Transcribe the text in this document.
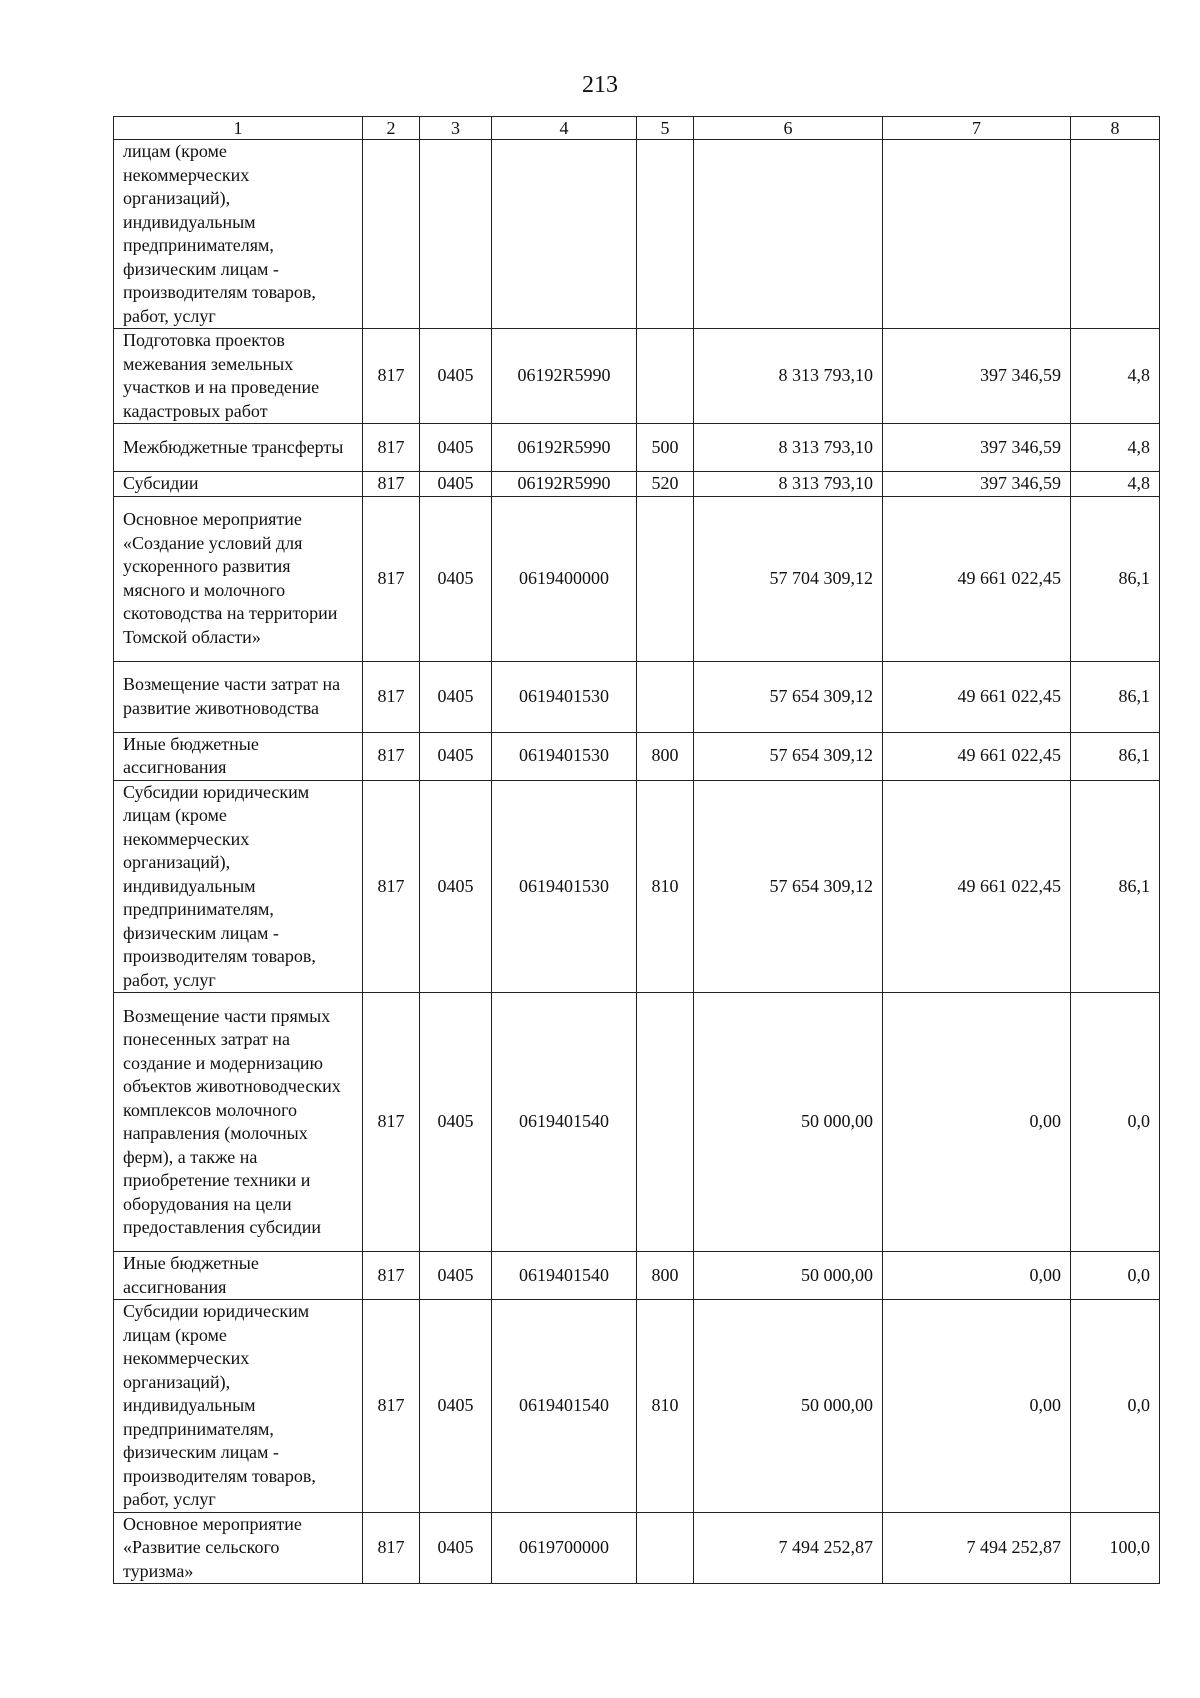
213
1	2	3	4	5	6	7	8
лицам (кроме некоммерческих организаций), индивидуальным предпринимателям, физическим лицам - производителям товаров, работ, услуг							
Подготовка проектов межевания земельных участков и на проведение кадастровых работ	817	0405	06192R5990		8 313 793,10	397 346,59	4,8
Межбюджетные трансферты	817	0405	06192R5990	500	8 313 793,10	397 346,59	4,8
Субсидии	817	0405	06192R5990	520	8 313 793,10	397 346,59	4,8
Основное мероприятие «Создание условий для ускоренного развития мясного и молочного скотоводства на территории Томской области»	817	0405	0619400000		57 704 309,12	49 661 022,45	86,1
Возмещение части затрат на развитие животноводства	817	0405	0619401530		57 654 309,12	49 661 022,45	86,1
Иные бюджетные ассигнования	817	0405	0619401530	800	57 654 309,12	49 661 022,45	86,1
Субсидии юридическим лицам (кроме некоммерческих организаций), индивидуальным предпринимателям, физическим лицам - производителям товаров, работ, услуг	817	0405	0619401530	810	57 654 309,12	49 661 022,45	86,1
Возмещение части прямых понесенных затрат на создание и модернизацию объектов животноводческих комплексов молочного направления (молочных ферм), а также на приобретение техники и оборудования на цели предоставления субсидии	817	0405	0619401540		50 000,00	0,00	0,0
Иные бюджетные ассигнования	817	0405	0619401540	800	50 000,00	0,00	0,0
Субсидии юридическим лицам (кроме некоммерческих организаций), индивидуальным предпринимателям, физическим лицам - производителям товаров, работ, услуг	817	0405	0619401540	810	50 000,00	0,00	0,0
Основное мероприятие «Развитие сельского туризма»	817	0405	0619700000		7 494 252,87	7 494 252,87	100,0
